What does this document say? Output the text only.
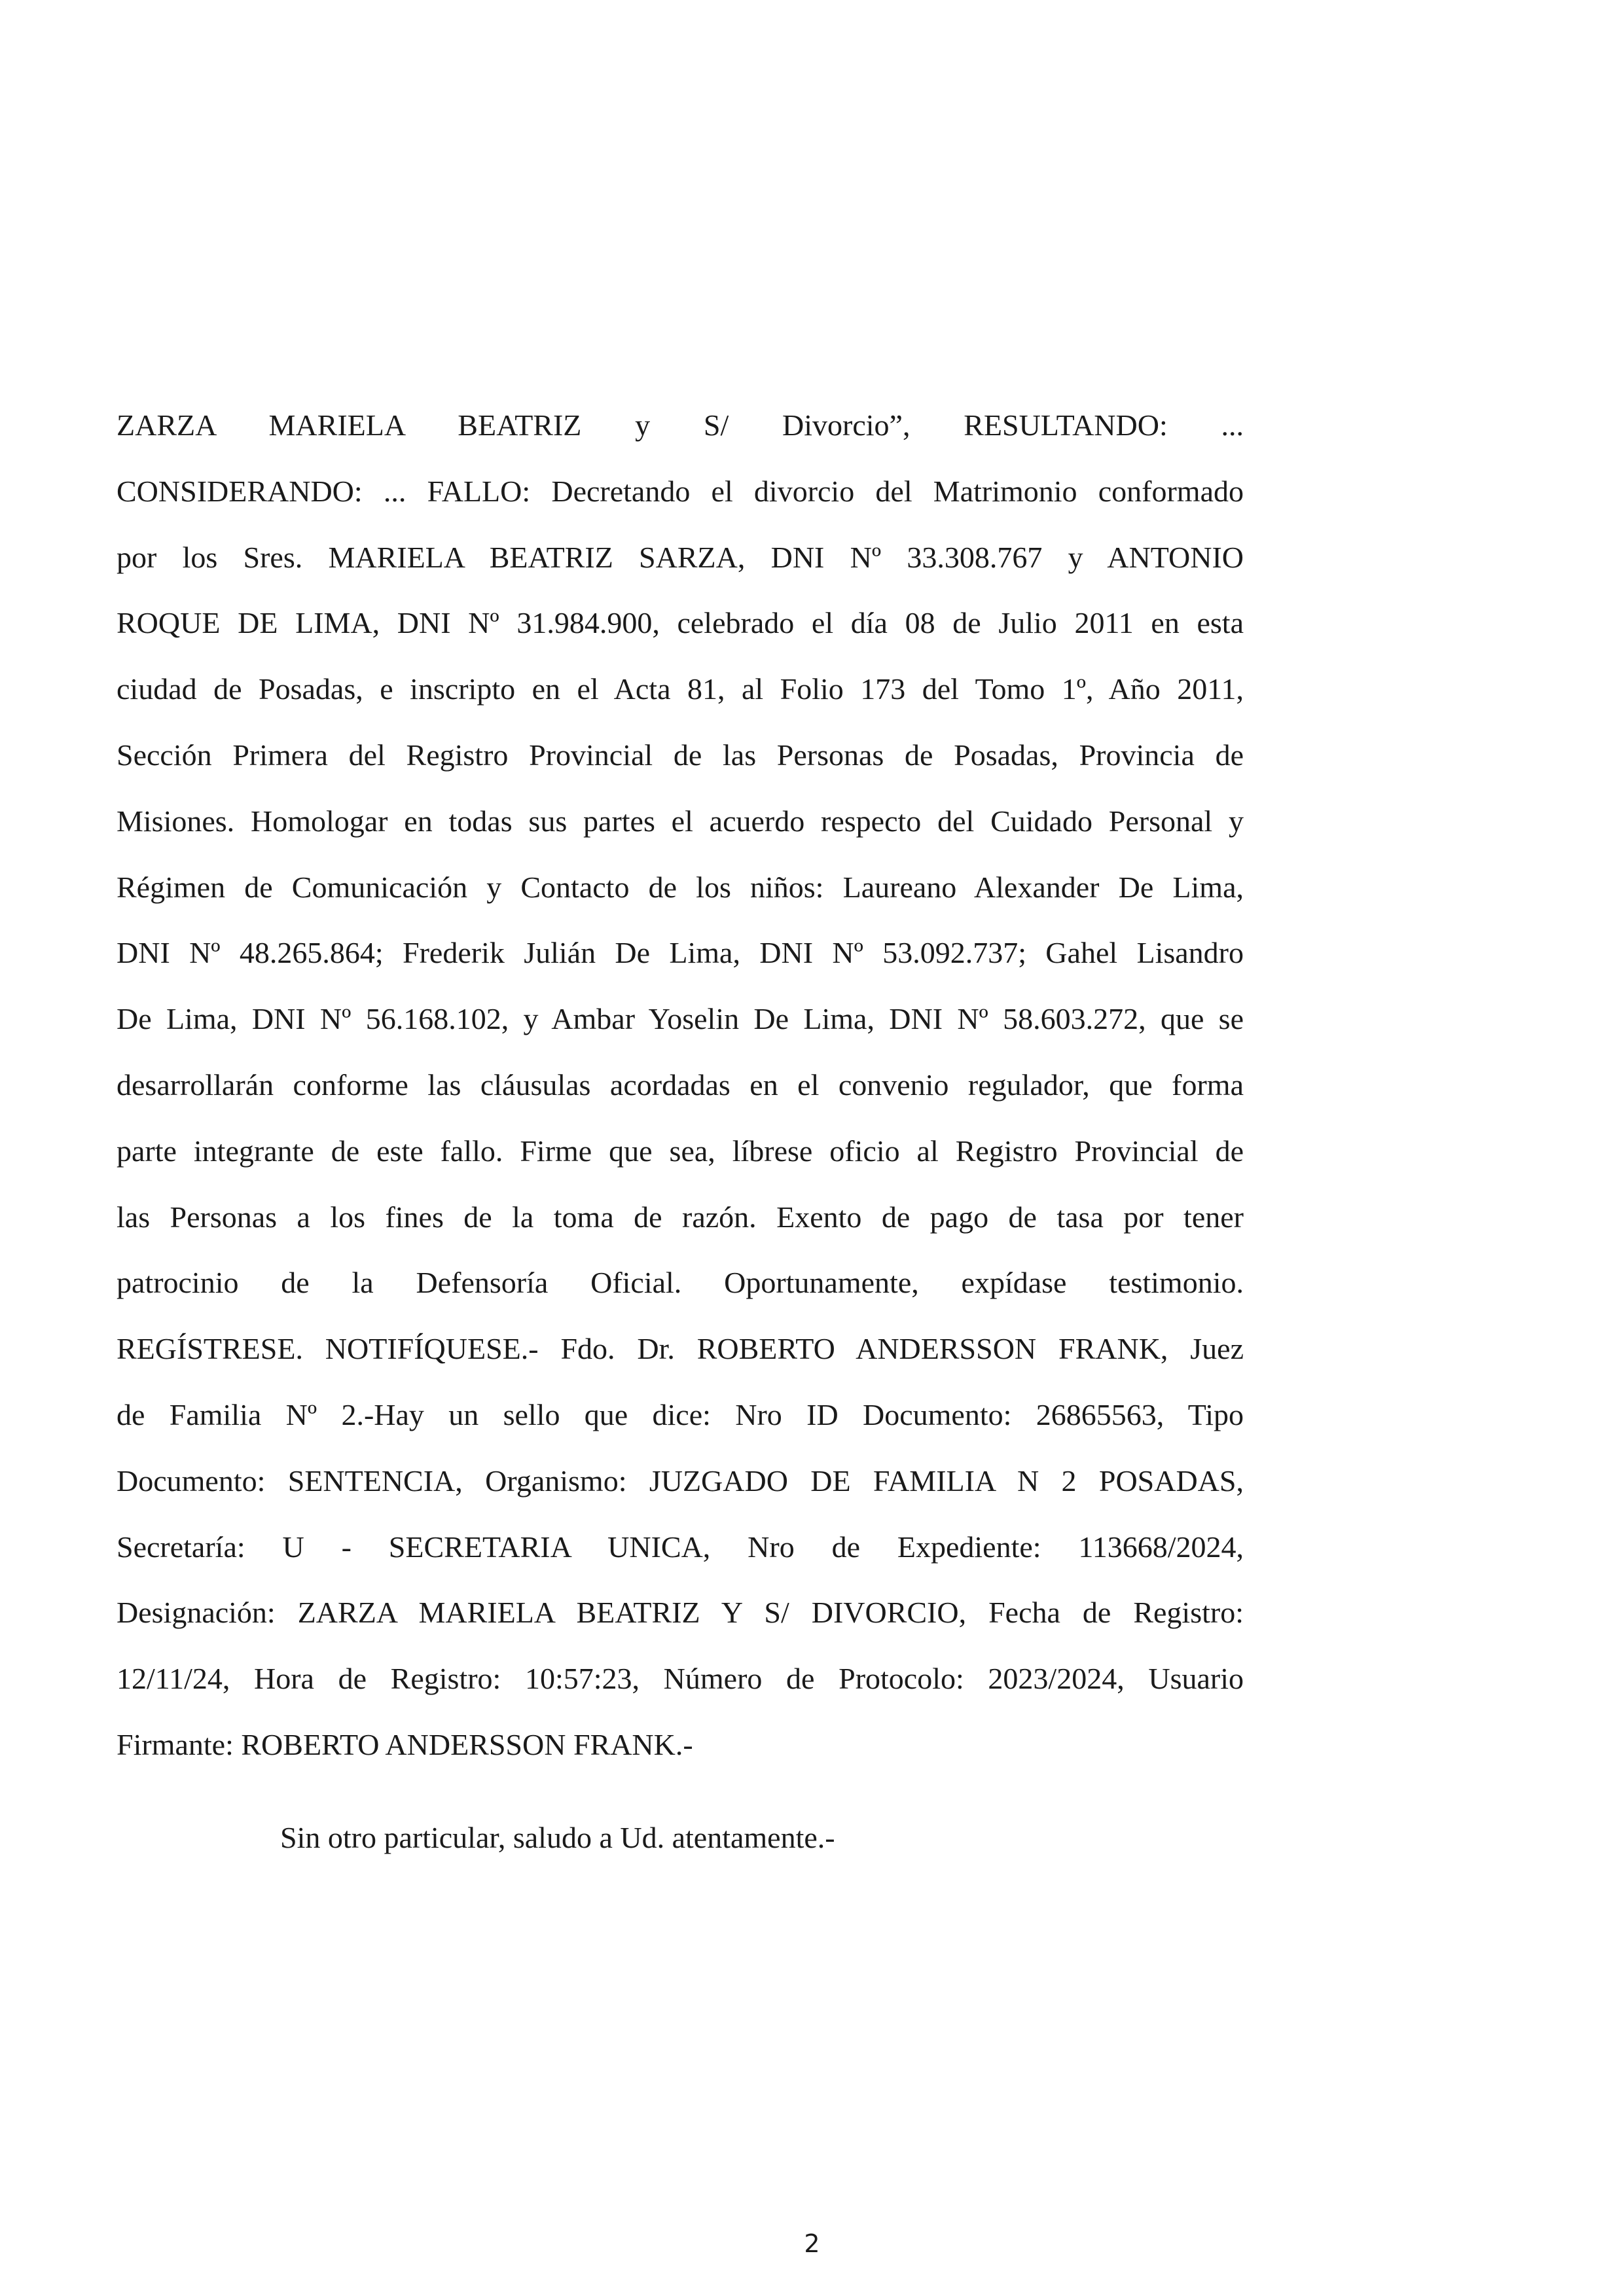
ZARZA MARIELA BEATRIZ y S/ Divorcio”, RESULTANDO: ...
CONSIDERANDO: ... FALLO: Decretando el divorcio del Matrimonio conformado
por los Sres. MARIELA BEATRIZ SARZA, DNI Nº 33.308.767 y ANTONIO
ROQUE DE LIMA, DNI Nº 31.984.900, celebrado el día 08 de Julio 2011 en esta
ciudad de Posadas, e inscripto en el Acta 81, al Folio 173 del Tomo 1º, Año 2011,
Sección Primera del Registro Provincial de las Personas de Posadas, Provincia de
Misiones. Homologar en todas sus partes el acuerdo respecto del Cuidado Personal y
Régimen de Comunicación y Contacto de los niños: Laureano Alexander De Lima,
DNI Nº 48.265.864; Frederik Julián De Lima, DNI Nº 53.092.737; Gahel Lisandro
De Lima, DNI Nº 56.168.102, y Ambar Yoselin De Lima, DNI Nº 58.603.272, que se
desarrollarán conforme las cláusulas acordadas en el convenio regulador, que forma
parte integrante de este fallo. Firme que sea, líbrese oficio al Registro Provincial de
las Personas a los fines de la toma de razón. Exento de pago de tasa por tener
patrocinio de la Defensoría Oficial. Oportunamente, expídase testimonio.
REGÍSTRESE. NOTIFÍQUESE.- Fdo. Dr. ROBERTO ANDERSSON FRANK, Juez
de Familia Nº 2.-Hay un sello que dice: Nro ID Documento: 26865563, Tipo
Documento: SENTENCIA, Organismo: JUZGADO DE FAMILIA N 2 POSADAS,
Secretaría: U - SECRETARIA UNICA, Nro de Expediente: 113668/2024,
Designación: ZARZA MARIELA BEATRIZ Y S/ DIVORCIO, Fecha de Registro:
12/11/24, Hora de Registro: 10:57:23, Número de Protocolo: 2023/2024, Usuario
Firmante: ROBERTO ANDERSSON FRANK.-
Sin otro particular, saludo a Ud. atentamente.-
2
